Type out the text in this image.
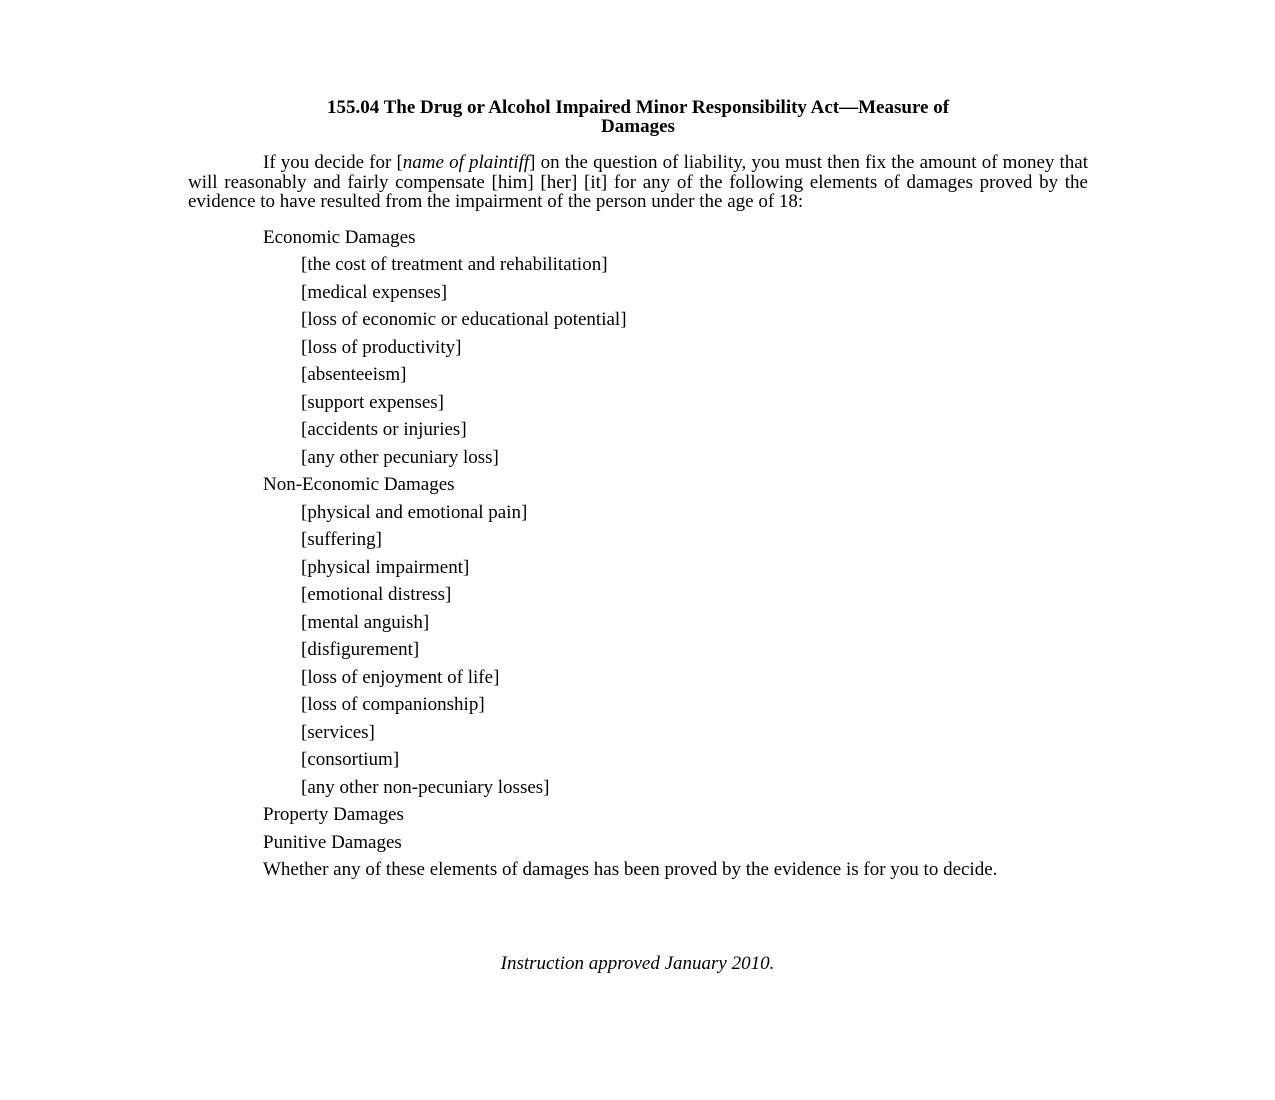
155.04 The Drug or Alcohol Impaired Minor Responsibility Act—Measure of
Damages

If you decide for [name of plaintiff] on the question of liability, you must then fix the amount of money that will reasonably and fairly compensate [him] [her] [it] for any of the following elements of damages proved by the evidence to have resulted from the impairment of the person under the age of 18:

Economic Damages
[the cost of treatment and rehabilitation]
[medical expenses]
[loss of economic or educational potential]
[loss of productivity]
[absenteeism]
[support expenses]
[accidents or injuries]
[any other pecuniary loss]
Non-Economic Damages
[physical and emotional pain]
[suffering]
[physical impairment]
[emotional distress]
[mental anguish]
[disfigurement]
[loss of enjoyment of life]
[loss of companionship]
[services]
[consortium]
[any other non-pecuniary losses]
Property Damages
Punitive Damages

Whether any of these elements of damages has been proved by the evidence is for you to decide.

Instruction approved January 2010.
